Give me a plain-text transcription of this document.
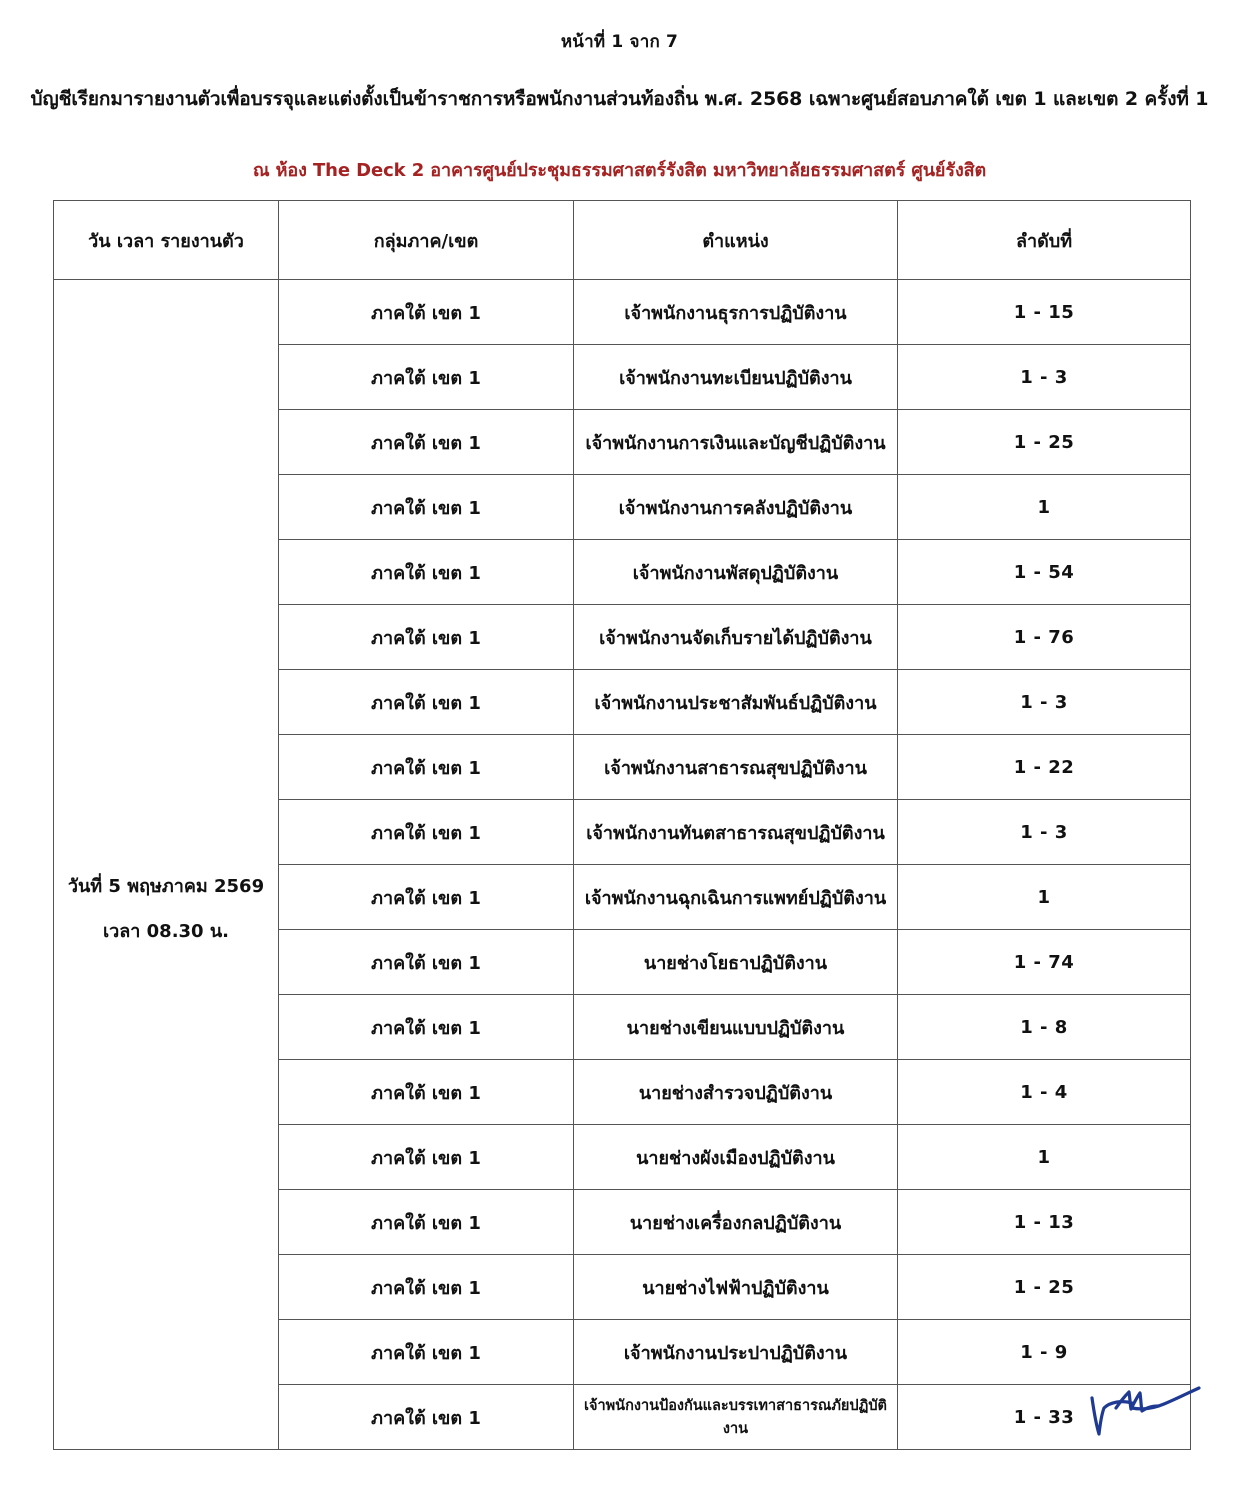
หน้าที่ 1 จาก 7
บัญชีเรียกมารายงานตัวเพื่อบรรจุและแต่งตั้งเป็นข้าราชการหรือพนักงานส่วนท้องถิ่น พ.ศ. 2568 เฉพาะศูนย์สอบภาคใต้ เขต 1 และเขต 2 ครั้งที่ 1
ณ ห้อง The Deck 2 อาคารศูนย์ประชุมธรรมศาสตร์รังสิต มหาวิทยาลัยธรรมศาสตร์ ศูนย์รังสิต
วัน เวลา รายงานตัว	กลุ่มภาค/เขต	ตำแหน่ง	ลำดับที่

วันที่ 5 พฤษภาคม 2569
เวลา 08.30 น.	ภาคใต้ เขต 1	เจ้าพนักงานธุรการปฏิบัติงาน	1 - 15
	ภาคใต้ เขต 1	เจ้าพนักงานทะเบียนปฏิบัติงาน	1 - 3
	ภาคใต้ เขต 1	เจ้าพนักงานการเงินและบัญชีปฏิบัติงาน	1 - 25
	ภาคใต้ เขต 1	เจ้าพนักงานการคลังปฏิบัติงาน	1
	ภาคใต้ เขต 1	เจ้าพนักงานพัสดุปฏิบัติงาน	1 - 54
	ภาคใต้ เขต 1	เจ้าพนักงานจัดเก็บรายได้ปฏิบัติงาน	1 - 76
	ภาคใต้ เขต 1	เจ้าพนักงานประชาสัมพันธ์ปฏิบัติงาน	1 - 3
	ภาคใต้ เขต 1	เจ้าพนักงานสาธารณสุขปฏิบัติงาน	1 - 22
	ภาคใต้ เขต 1	เจ้าพนักงานทันตสาธารณสุขปฏิบัติงาน	1 - 3
	ภาคใต้ เขต 1	เจ้าพนักงานฉุกเฉินการแพทย์ปฏิบัติงาน	1
	ภาคใต้ เขต 1	นายช่างโยธาปฏิบัติงาน	1 - 74
	ภาคใต้ เขต 1	นายช่างเขียนแบบปฏิบัติงาน	1 - 8
	ภาคใต้ เขต 1	นายช่างสำรวจปฏิบัติงาน	1 - 4
	ภาคใต้ เขต 1	นายช่างผังเมืองปฏิบัติงาน	1
	ภาคใต้ เขต 1	นายช่างเครื่องกลปฏิบัติงาน	1 - 13
	ภาคใต้ เขต 1	นายช่างไฟฟ้าปฏิบัติงาน	1 - 25
	ภาคใต้ เขต 1	เจ้าพนักงานประปาปฏิบัติงาน	1 - 9
	ภาคใต้ เขต 1	เจ้าพนักงานป้องกันและบรรเทาสาธารณภัยปฏิบัติงาน	1 - 33
